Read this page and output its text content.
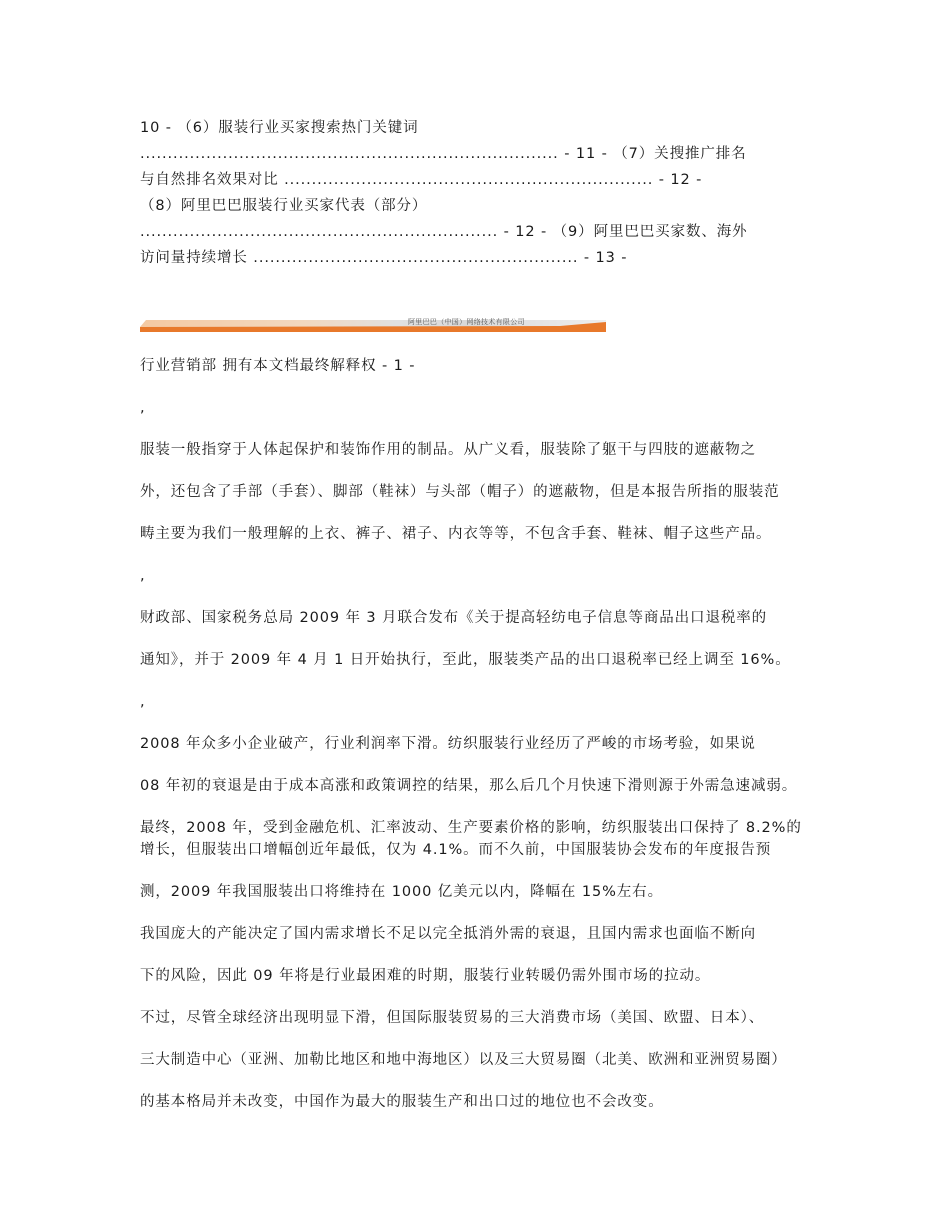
10 - （6）服装行业买家搜索热门关键词
............................................................................ - 11 - （7）关搜推广排名
与自然排名效果对比 ................................................................... - 12 -
（8）阿里巴巴服装行业买家代表（部分）
................................................................. - 12 - （9）阿里巴巴买家数、海外
访问量持续增长 ........................................................... - 13 -
阿里巴巴（中国）网络技术有限公司
行业营销部 拥有本文档最终解释权 - 1 -
,
服装一般指穿于人体起保护和装饰作用的制品。从广义看，服装除了躯干与四肢的遮蔽物之
外，还包含了手部（手套）、脚部（鞋袜）与头部（帽子）的遮蔽物，但是本报告所指的服装范
畴主要为我们一般理解的上衣、裤子、裙子、内衣等等，不包含手套、鞋袜、帽子这些产品。
,
财政部、国家税务总局 2009 年 3 月联合发布《关于提高轻纺电子信息等商品出口退税率的
通知》，并于 2009 年 4 月 1 日开始执行，至此，服装类产品的出口退税率已经上调至 16%。
,
2008 年众多小企业破产，行业利润率下滑。纺织服装行业经历了严峻的市场考验，如果说
08 年初的衰退是由于成本高涨和政策调控的结果，那么后几个月快速下滑则源于外需急速减弱。
最终，2008 年，受到金融危机、汇率波动、生产要素价格的影响，纺织服装出口保持了 8.2%的
增长，但服装出口增幅创近年最低，仅为 4.1%。而不久前，中国服装协会发布的年度报告预
测，2009 年我国服装出口将维持在 1000 亿美元以内，降幅在 15%左右。
我国庞大的产能决定了国内需求增长不足以完全抵消外需的衰退，且国内需求也面临不断向
下的风险，因此 09 年将是行业最困难的时期，服装行业转暖仍需外围市场的拉动。
不过，尽管全球经济出现明显下滑，但国际服装贸易的三大消费市场（美国、欧盟、日本）、
三大制造中心（亚洲、加勒比地区和地中海地区）以及三大贸易圈（北美、欧洲和亚洲贸易圈）
的基本格局并未改变，中国作为最大的服装生产和出口过的地位也不会改变。
